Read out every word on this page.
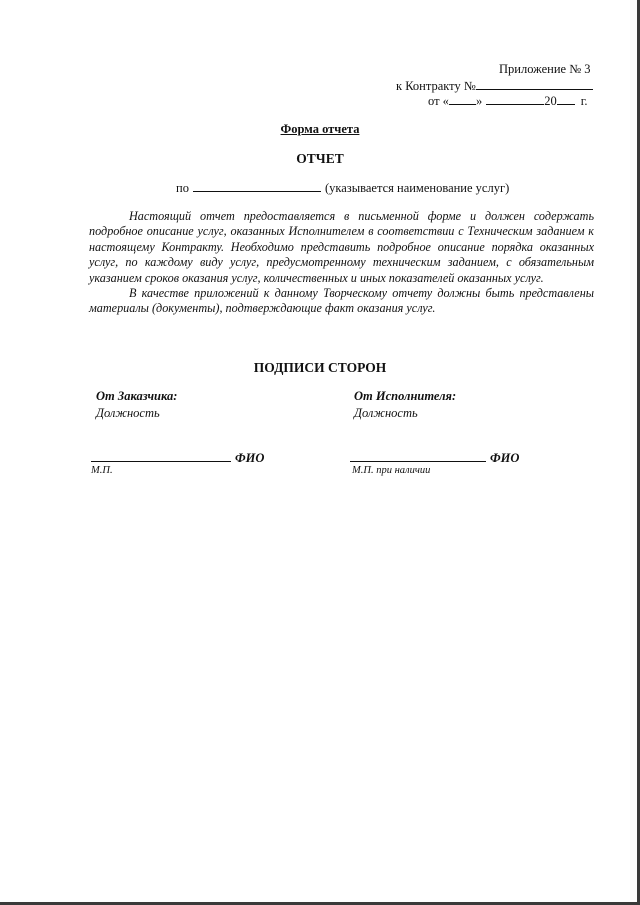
Приложение № 3
к Контракту №
от « »	20 г.
Форма отчета
ОТЧЕТ
по	(указывается наименование услуг)

Настоящий отчет предоставляется в письменной форме и должен содержать подробное описание услуг, оказанных Исполнителем в соответствии с Техническим заданием к настоящему Контракту. Необходимо представить подробное описание порядка оказанных услуг, по каждому виду услуг, предусмотренному техническим заданием, с обязательным указанием сроков оказания услуг, количественных и иных показателей оказанных услуг.

В качестве приложений к данному Творческому отчету должны быть представлены материалы (документы), подтверждающие факт оказания услуг.

ПОДПИСИ СТОРОН
От Заказчика:
Должность
От Исполнителя:
Должность
ФИО
М.П.
ФИО
М.П. при наличии
